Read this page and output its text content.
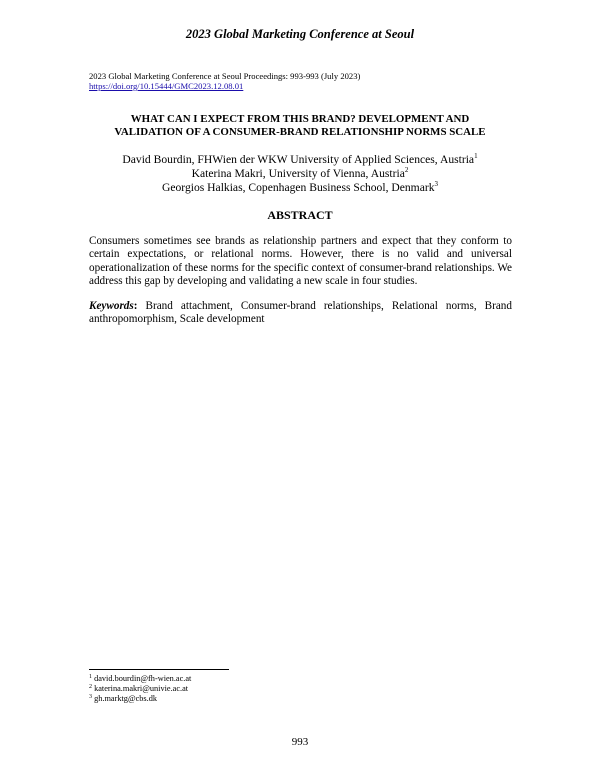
2023 Global Marketing Conference at Seoul
2023 Global Marketing Conference at Seoul Proceedings: 993-993 (July 2023)
https://doi.org/10.15444/GMC2023.12.08.01
WHAT CAN I EXPECT FROM THIS BRAND? DEVELOPMENT AND
VALIDATION OF A CONSUMER-BRAND RELATIONSHIP NORMS SCALE
David Bourdin, FHWien der WKW University of Applied Sciences, Austria$^1$
Katerina Makri, University of Vienna, Austria$^2$
Georgios Halkias, Copenhagen Business School, Denmark$^3$
ABSTRACT

Consumers sometimes see brands as relationship partners and expect that they conform to certain expectations, or relational norms. However, there is no valid and universal operationalization of these norms for the specific context of consumer-brand relationships. We address this gap by developing and validating a new scale in four studies.

Keywords: Brand attachment, Consumer-brand relationships, Relational norms, Brand anthropomorphism, Scale development

$^1$ david.bourdin@fh-wien.ac.at
$^2$ katerina.makri@univie.ac.at
$^3$ gh.marktg@cbs.dk
993
